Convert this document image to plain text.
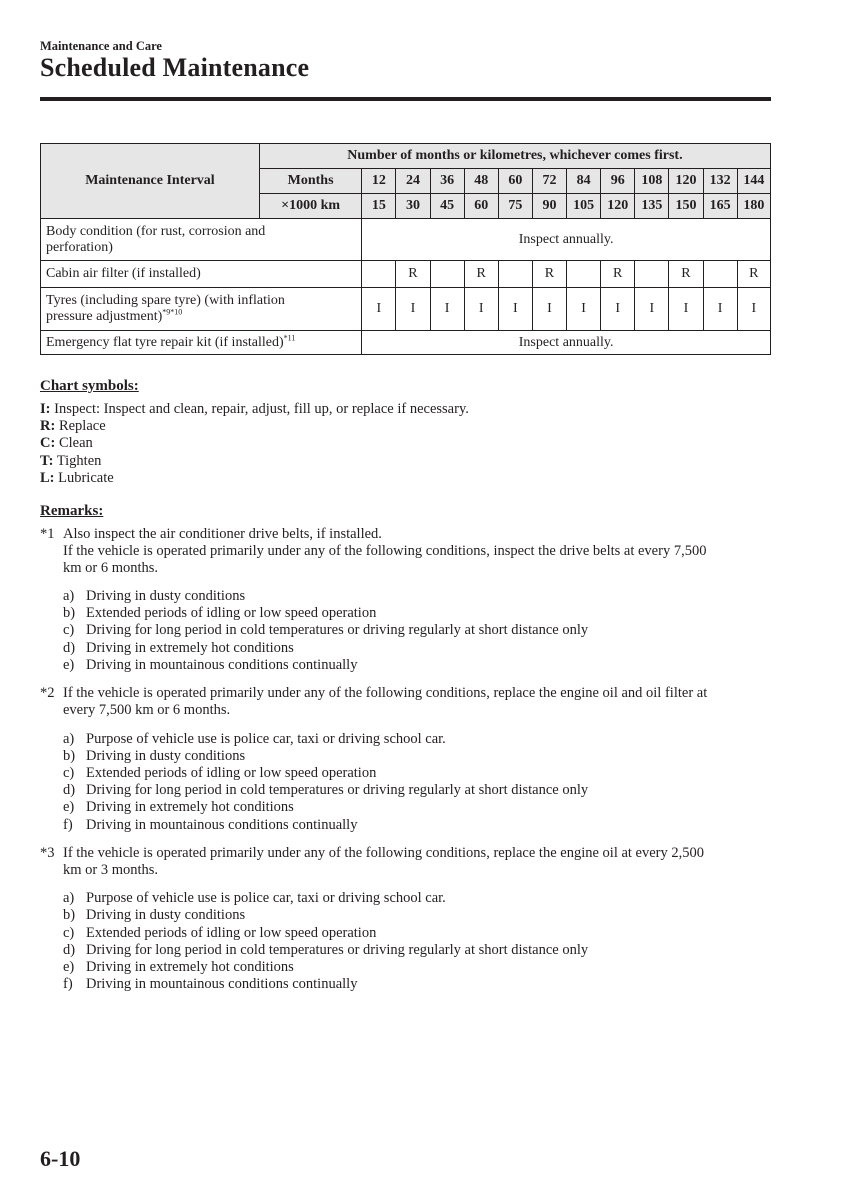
Maintenance and Care
Scheduled Maintenance
Maintenance Interval	Number of months or kilometres, whichever comes first.												
	Months	12	24	36	48	60	72	84	96	108	120	132	144
	×1000 km	15	30	45	60	75	90	105	120	135	150	165	180
Body condition (for rust, corrosion and
perforation)		Inspect annually.											
Cabin air filter (if installed)			R		R		R		R		R		R
Tyres (including spare tyre) (with inflation
pressure adjustment)$^{*9*10}$		I	I	I	I	I	I	I	I	I	I	I	I
Emergency flat tyre repair kit (if installed)$^{*11}$		Inspect annually.											
Chart symbols:
I: Inspect: Inspect and clean, repair, adjust, fill up, or replace if necessary.
R: Replace
C: Clean
T: Tighten
L: Lubricate
Remarks:
*1 Also inspect the air conditioner drive belts, if installed.
If the vehicle is operated primarily under any of the following conditions, inspect the drive belts at every 7,500
km or 6 months.
a) Driving in dusty conditions
b) Extended periods of idling or low speed operation
c) Driving for long period in cold temperatures or driving regularly at short distance only
d) Driving in extremely hot conditions
e) Driving in mountainous conditions continually
*2 If the vehicle is operated primarily under any of the following conditions, replace the engine oil and oil filter at
every 7,500 km or 6 months.
a) Purpose of vehicle use is police car, taxi or driving school car.
b) Driving in dusty conditions
c) Extended periods of idling or low speed operation
d) Driving for long period in cold temperatures or driving regularly at short distance only
e) Driving in extremely hot conditions
f) Driving in mountainous conditions continually
*3 If the vehicle is operated primarily under any of the following conditions, replace the engine oil at every 2,500
km or 3 months.
a) Purpose of vehicle use is police car, taxi or driving school car.
b) Driving in dusty conditions
c) Extended periods of idling or low speed operation
d) Driving for long period in cold temperatures or driving regularly at short distance only
e) Driving in extremely hot conditions
f) Driving in mountainous conditions continually
6-10
